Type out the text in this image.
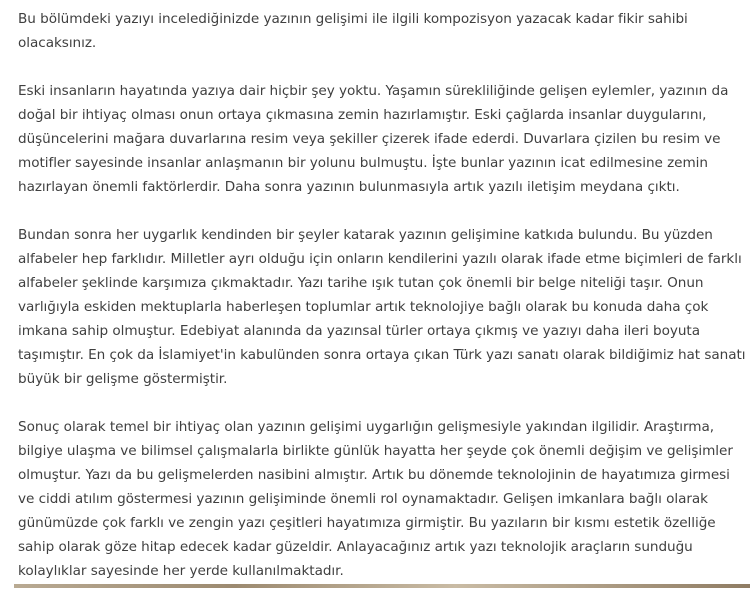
Bu bölümdeki yazıyı incelediğinizde yazının gelişimi ile ilgili kompozisyon yazacak kadar fikir sahibi olacaksınız.

Eski insanların hayatında yazıya dair hiçbir şey yoktu. Yaşamın sürekliliğinde gelişen eylemler, yazının da doğal bir ihtiyaç olması onun ortaya çıkmasına zemin hazırlamıştır. Eski çağlarda insanlar duygularını, düşüncelerini mağara duvarlarına resim veya şekiller çizerek ifade ederdi. Duvarlara çizilen bu resim ve motifler sayesinde insanlar anlaşmanın bir yolunu bulmuştu. İşte bunlar yazının icat edilmesine zemin hazırlayan önemli faktörlerdir. Daha sonra yazının bulunmasıyla artık yazılı iletişim meydana çıktı.

Bundan sonra her uygarlık kendinden bir şeyler katarak yazının gelişimine katkıda bulundu. Bu yüzden alfabeler hep farklıdır. Milletler ayrı olduğu için onların kendilerini yazılı olarak ifade etme biçimleri de farklı alfabeler şeklinde karşımıza çıkmaktadır. Yazı tarihe ışık tutan çok önemli bir belge niteliği taşır. Onun varlığıyla eskiden mektuplarla haberleşen toplumlar artık teknolojiye bağlı olarak bu konuda daha çok imkana sahip olmuştur. Edebiyat alanında da yazınsal türler ortaya çıkmış ve yazıyı daha ileri boyuta taşımıştır. En çok da İslamiyet'in kabulünden sonra ortaya çıkan Türk yazı sanatı olarak bildiğimiz hat sanatı büyük bir gelişme göstermiştir.

Sonuç olarak temel bir ihtiyaç olan yazının gelişimi uygarlığın gelişmesiyle yakından ilgilidir. Araştırma, bilgiye ulaşma ve bilimsel çalışmalarla birlikte günlük hayatta her şeyde çok önemli değişim ve gelişimler olmuştur. Yazı da bu gelişmelerden nasibini almıştır. Artık bu dönemde teknolojinin de hayatımıza girmesi ve ciddi atılım göstermesi yazının gelişiminde önemli rol oynamaktadır. Gelişen imkanlara bağlı olarak günümüzde çok farklı ve zengin yazı çeşitleri hayatımıza girmiştir. Bu yazıların bir kısmı estetik özelliğe sahip olarak göze hitap edecek kadar güzeldir. Anlayacağınız artık yazı teknolojik araçların sunduğu kolaylıklar sayesinde her yerde kullanılmaktadır.
